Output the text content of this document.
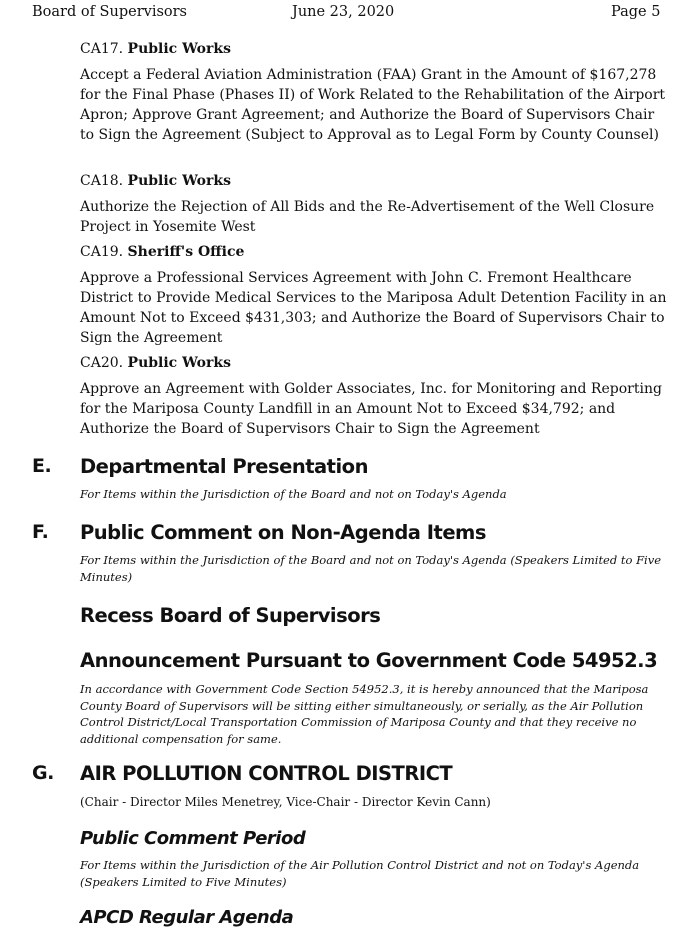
Board of Supervisors	June 23, 2020	Page 5
CA17. Public Works
Accept a Federal Aviation Administration (FAA) Grant in the Amount of $167,278 for the Final Phase (Phases II) of Work Related to the Rehabilitation of the Airport Apron; Approve Grant Agreement; and Authorize the Board of Supervisors Chair to Sign the Agreement (Subject to Approval as to Legal Form by County Counsel)
CA18. Public Works
Authorize the Rejection of All Bids and the Re-Advertisement of the Well Closure Project in Yosemite West
CA19. Sheriff's Office
Approve a Professional Services Agreement with John C. Fremont Healthcare District to Provide Medical Services to the Mariposa Adult Detention Facility in an Amount Not to Exceed $431,303; and Authorize the Board of Supervisors Chair to Sign the Agreement
CA20. Public Works
Approve an Agreement with Golder Associates, Inc. for Monitoring and Reporting for the Mariposa County Landfill in an Amount Not to Exceed $34,792; and Authorize the Board of Supervisors Chair to Sign the Agreement
E. Departmental Presentation
For Items within the Jurisdiction of the Board and not on Today's Agenda
F. Public Comment on Non-Agenda Items
For Items within the Jurisdiction of the Board and not on Today's Agenda (Speakers Limited to Five Minutes)
Recess Board of Supervisors
Announcement Pursuant to Government Code 54952.3
In accordance with Government Code Section 54952.3, it is hereby announced that the Mariposa County Board of Supervisors will be sitting either simultaneously, or serially, as the Air Pollution Control District/Local Transportation Commission of Mariposa County and that they receive no additional compensation for same.
G. AIR POLLUTION CONTROL DISTRICT
(Chair - Director Miles Menetrey, Vice-Chair - Director Kevin Cann)
Public Comment Period
For Items within the Jurisdiction of the Air Pollution Control District and not on Today's Agenda (Speakers Limited to Five Minutes)
APCD Regular Agenda
